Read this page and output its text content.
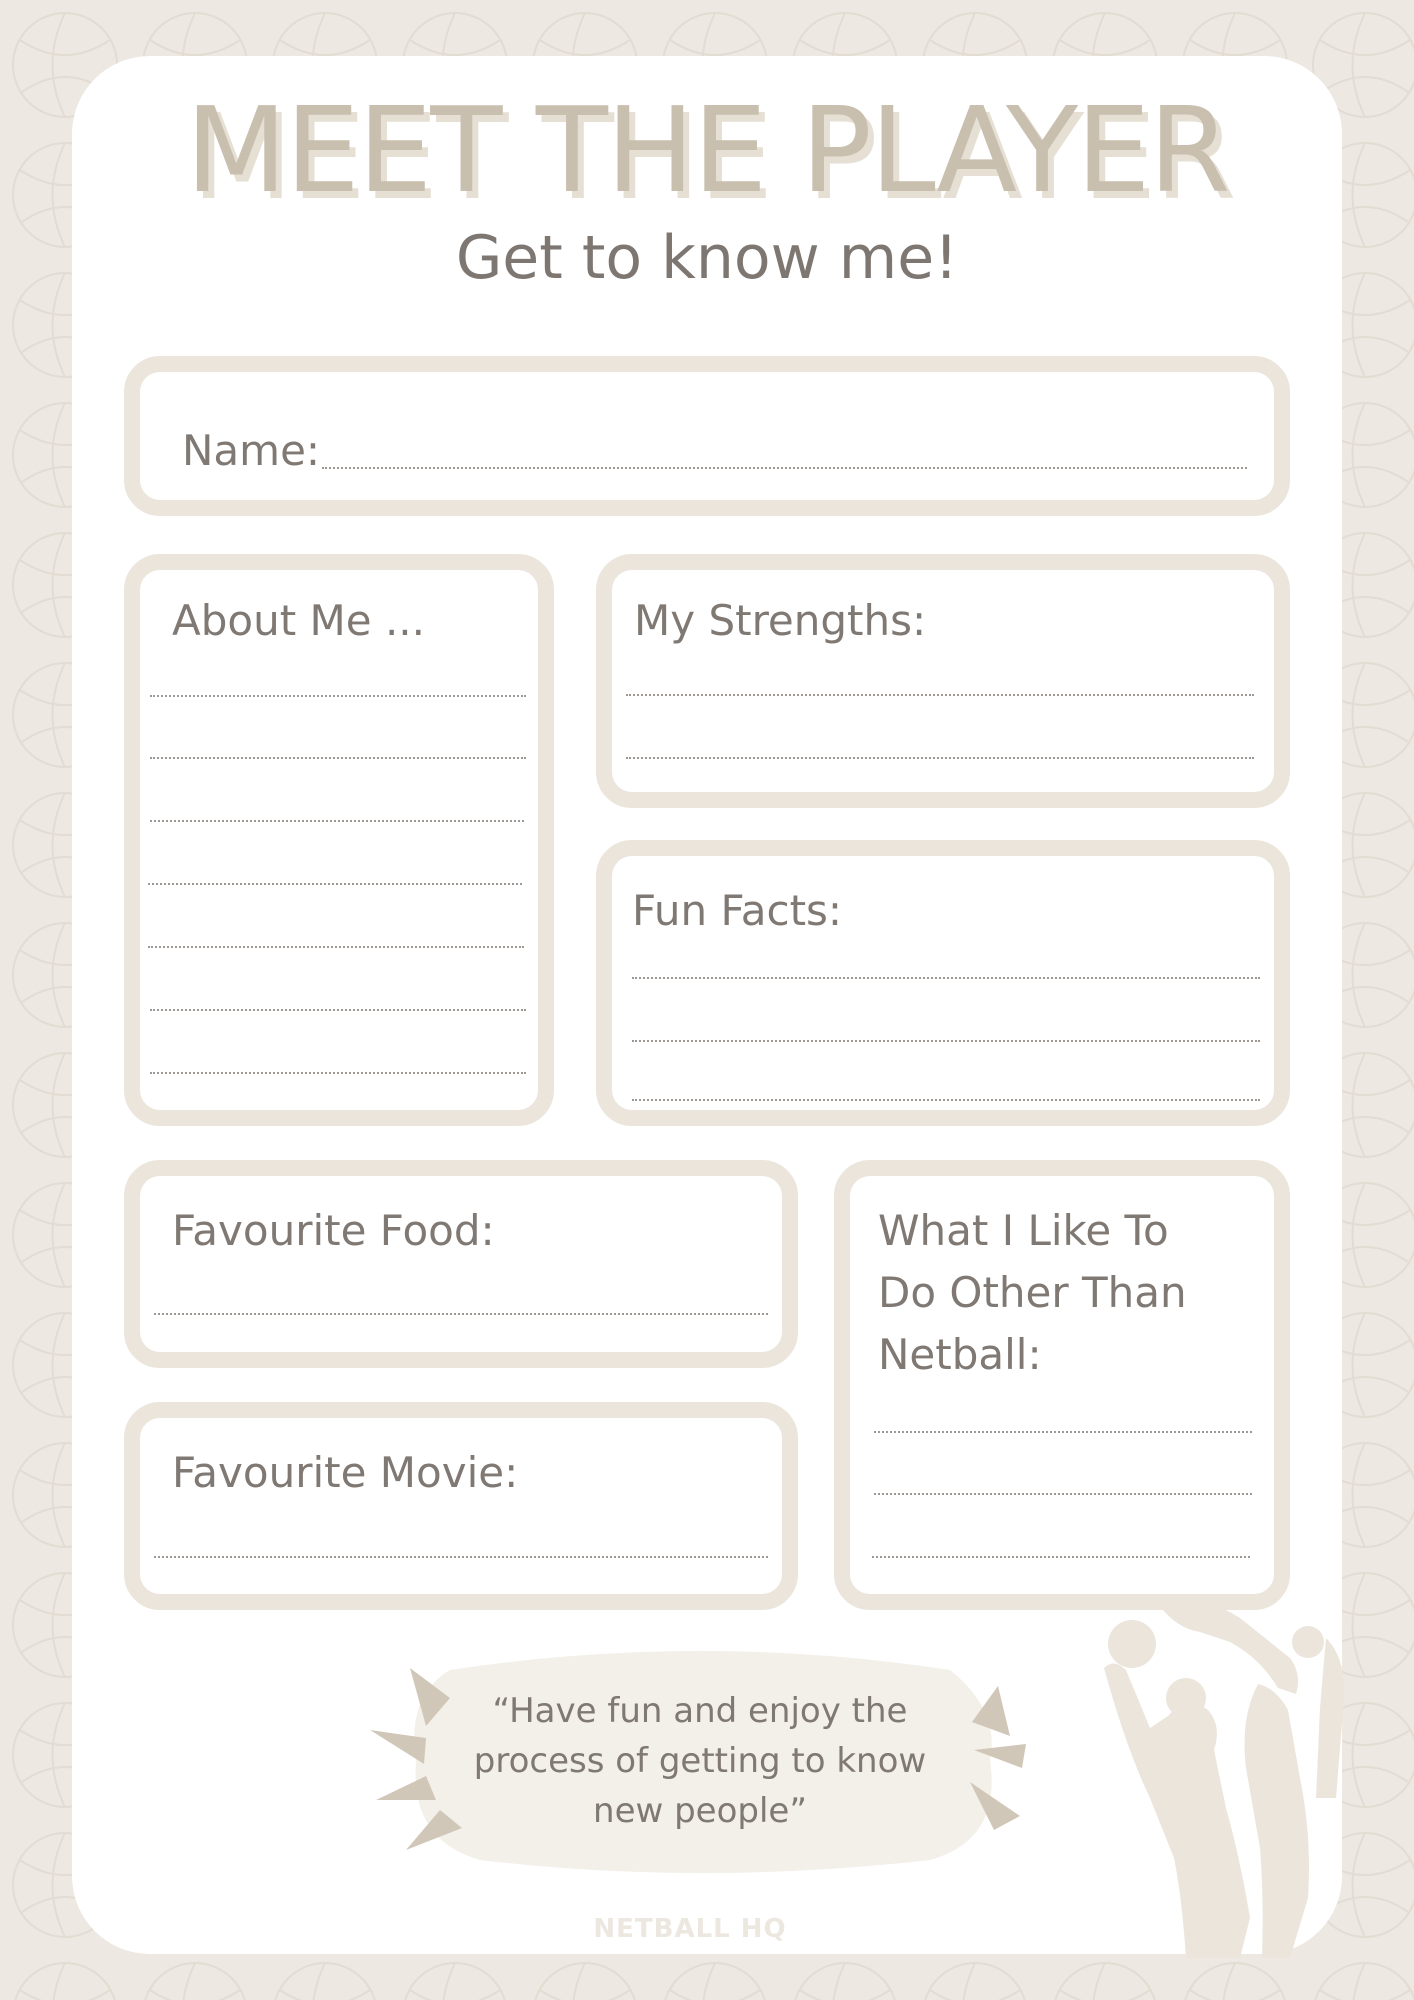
MEET THE PLAYER
Get to know me!
Name:
About Me ...	My Strengths:
Fun Facts:
Favourite Food:
Favourite Movie:
What I Like To
Do Other Than
Netball:
“Have fun and enjoy the
process of getting to know
new people”
NETBALL HQ
